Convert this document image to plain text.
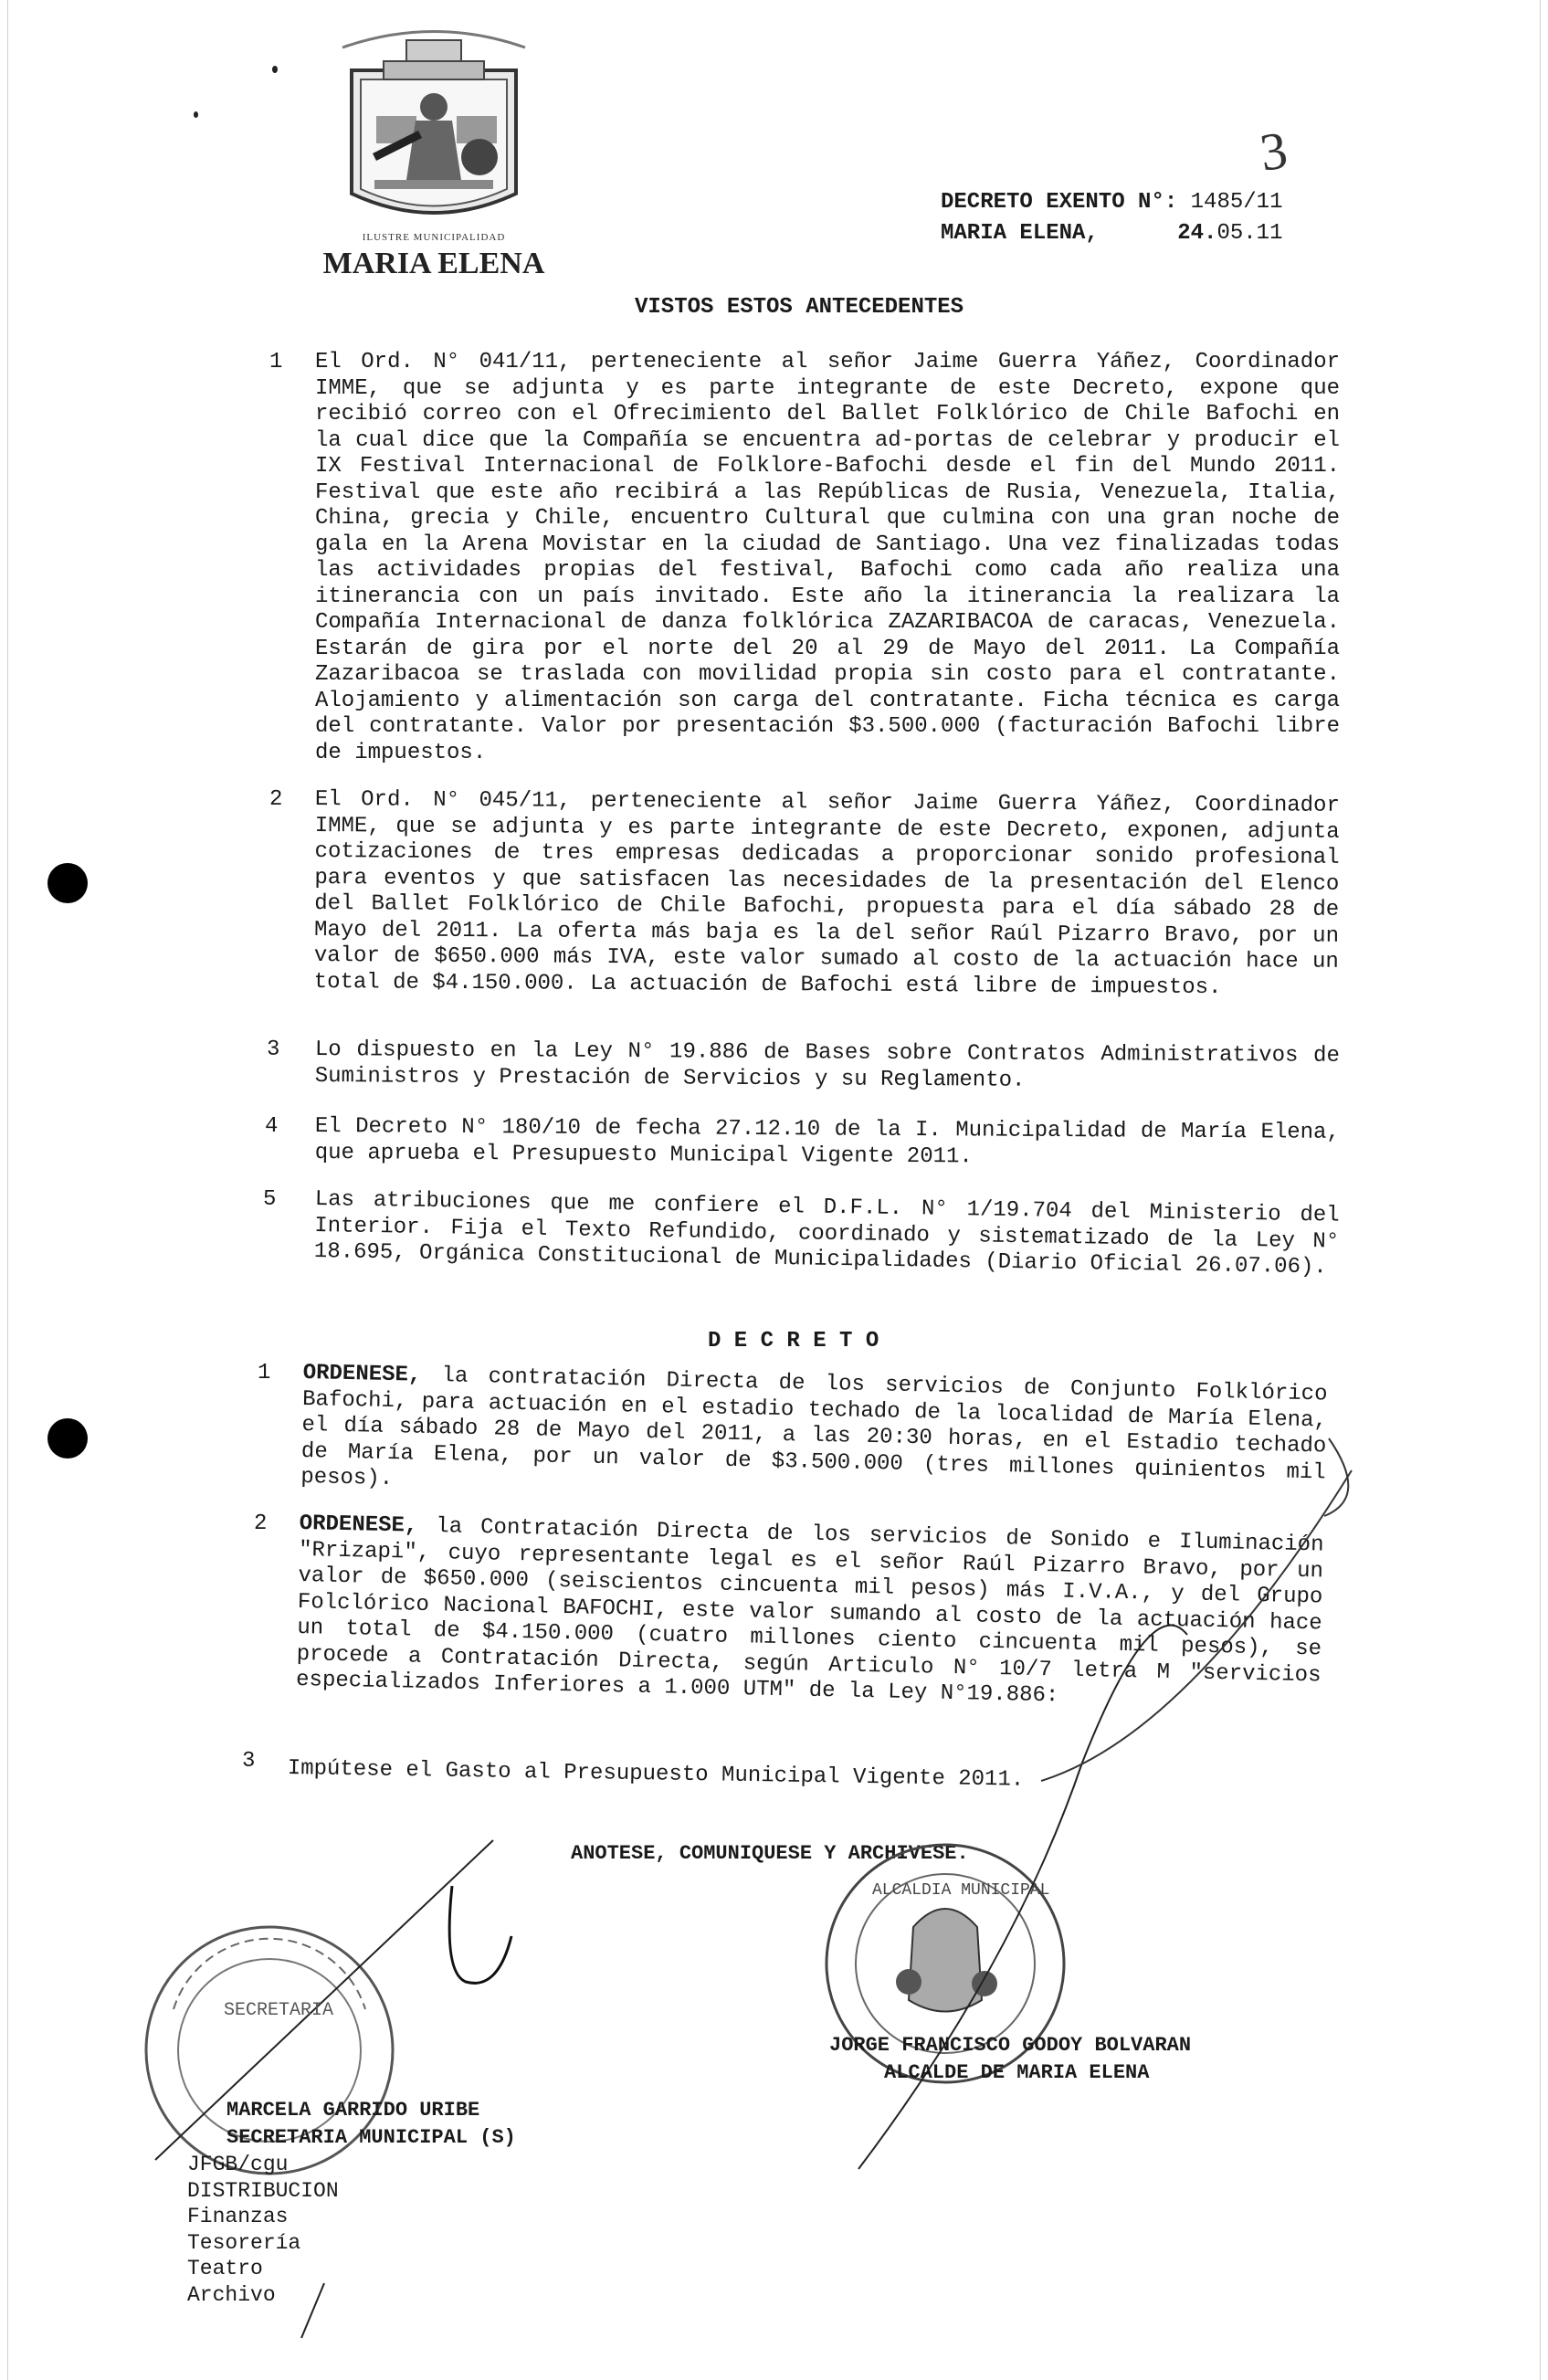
ILUSTRE MUNICIPALIDAD
MARIA ELENA
3
DECRETO EXENTO N°: 1485/11
MARIA ELENA,	24.05.11
VISTOS ESTOS ANTECEDENTES
1 El Ord. N° 041/11, perteneciente al señor Jaime Guerra Yáñez, Coordinador IMME, que se adjunta y es parte integrante de este Decreto, expone que recibió correo con el Ofrecimiento del Ballet Folklórico de Chile Bafochi en la cual dice que la Compañía se encuentra ad-portas de celebrar y producir el IX Festival Internacional de Folklore-Bafochi desde el fin del Mundo 2011. Festival que este año recibirá a las Repúblicas de Rusia, Venezuela, Italia, China, grecia y Chile, encuentro Cultural que culmina con una gran noche de gala en la Arena Movistar en la ciudad de Santiago. Una vez finalizadas todas las actividades propias del festival, Bafochi como cada año realiza una itinerancia con un país invitado. Este año la itinerancia la realizara la Compañía Internacional de danza folklórica ZAZARIBACOA de caracas, Venezuela. Estarán de gira por el norte del 20 al 29 de Mayo del 2011. La Compañía Zazaribacoa se traslada con movilidad propia sin costo para el contratante. Alojamiento y alimentación son carga del contratante. Ficha técnica es carga del contratante. Valor por presentación $3.500.000 (facturación Bafochi libre de impuestos.
2 El Ord. N° 045/11, perteneciente al señor Jaime Guerra Yáñez, Coordinador IMME, que se adjunta y es parte integrante de este Decreto, exponen, adjunta cotizaciones de tres empresas dedicadas a proporcionar sonido profesional para eventos y que satisfacen las necesidades de la presentación del Elenco del Ballet Folklórico de Chile Bafochi, propuesta para el día sábado 28 de Mayo del 2011. La oferta más baja es la del señor Raúl Pizarro Bravo, por un valor de $650.000 más IVA, este valor sumado al costo de la actuación hace un total de $4.150.000. La actuación de Bafochi está libre de impuestos.
3 Lo dispuesto en la Ley N° 19.886 de Bases sobre Contratos Administrativos de Suministros y Prestación de Servicios y su Reglamento.
4 El Decreto N° 180/10 de fecha 27.12.10 de la I. Municipalidad de María Elena, que aprueba el Presupuesto Municipal Vigente 2011.
5 Las atribuciones que me confiere el D.F.L. N° 1/19.704 del Ministerio del Interior. Fija el Texto Refundido, coordinado y sistematizado de la Ley N° 18.695, Orgánica Constitucional de Municipalidades (Diario Oficial 26.07.06).
D E C R E T O
1 ORDENESE, la contratación Directa de los servicios de Conjunto Folklórico Bafochi, para actuación en el estadio techado de la localidad de María Elena, el día sábado 28 de Mayo del 2011, a las 20:30 horas, en el Estadio techado de María Elena, por un valor de $3.500.000 (tres millones quinientos mil pesos).
2 ORDENESE, la Contratación Directa de los servicios de Sonido e Iluminación "Rrizapi", cuyo representante legal es el señor Raúl Pizarro Bravo, por un valor de $650.000 (seiscientos cincuenta mil pesos) más I.V.A., y del Grupo Folclórico Nacional BAFOCHI, este valor sumando al costo de la actuación hace un total de $4.150.000 (cuatro millones ciento cincuenta mil pesos), se procede a Contratación Directa, según Articulo N° 10/7 letra M "servicios especializados Inferiores a 1.000 UTM" de la Ley N°19.886:
3 Impútese el Gasto al Presupuesto Municipal Vigente 2011.
ANOTESE, COMUNIQUESE Y ARCHIVESE.
SECRETARIA
ALCALDIA MUNICIPAL
MARCELA GARRIDO URIBE
SECRETARIA MUNICIPAL (S)
JORGE FRANCISCO GODOY BOLVARAN
ALCALDE DE MARIA ELENA
JFGB/cgu
DISTRIBUCION
Finanzas
Tesorería
Teatro
Archivo
